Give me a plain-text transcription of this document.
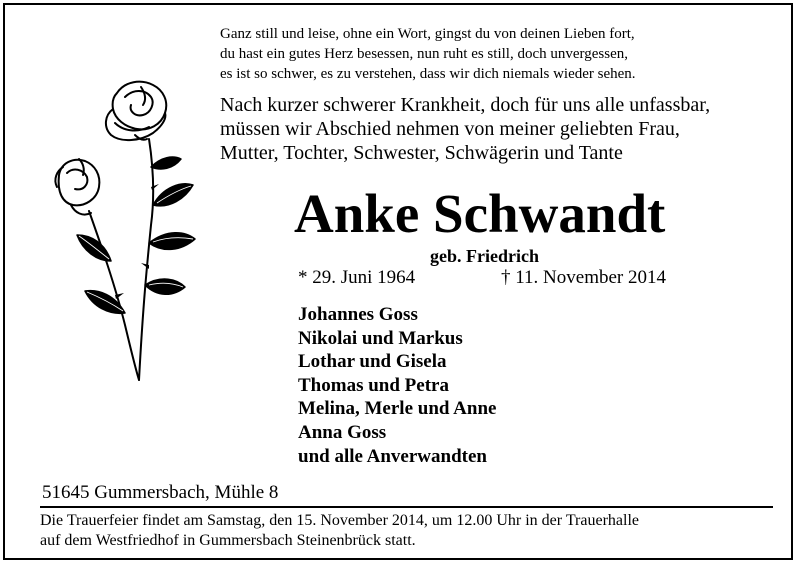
Ganz still und leise, ohne ein Wort, gingst du von deinen Lieben fort,
du hast ein gutes Herz besessen, nun ruht es still, doch unvergessen,
es ist so schwer, es zu verstehen, dass wir dich niemals wieder sehen.
Nach kurzer schwerer Krankheit, doch für uns alle unfassbar,
müssen wir Abschied nehmen von meiner geliebten Frau,
Mutter, Tochter, Schwester, Schwägerin und Tante
Anke Schwandt
geb. Friedrich
* 29. Juni 1964	† 11. November 2014
Johannes Goss
Nikolai und Markus
Lothar und Gisela
Thomas und Petra
Melina, Merle und Anne
Anna Goss
und alle Anverwandten
51645 Gummersbach, Mühle 8
Die Trauerfeier findet am Samstag, den 15. November 2014, um 12.00 Uhr in der Trauerhalle
auf dem Westfriedhof in Gummersbach Steinenbrück statt.
